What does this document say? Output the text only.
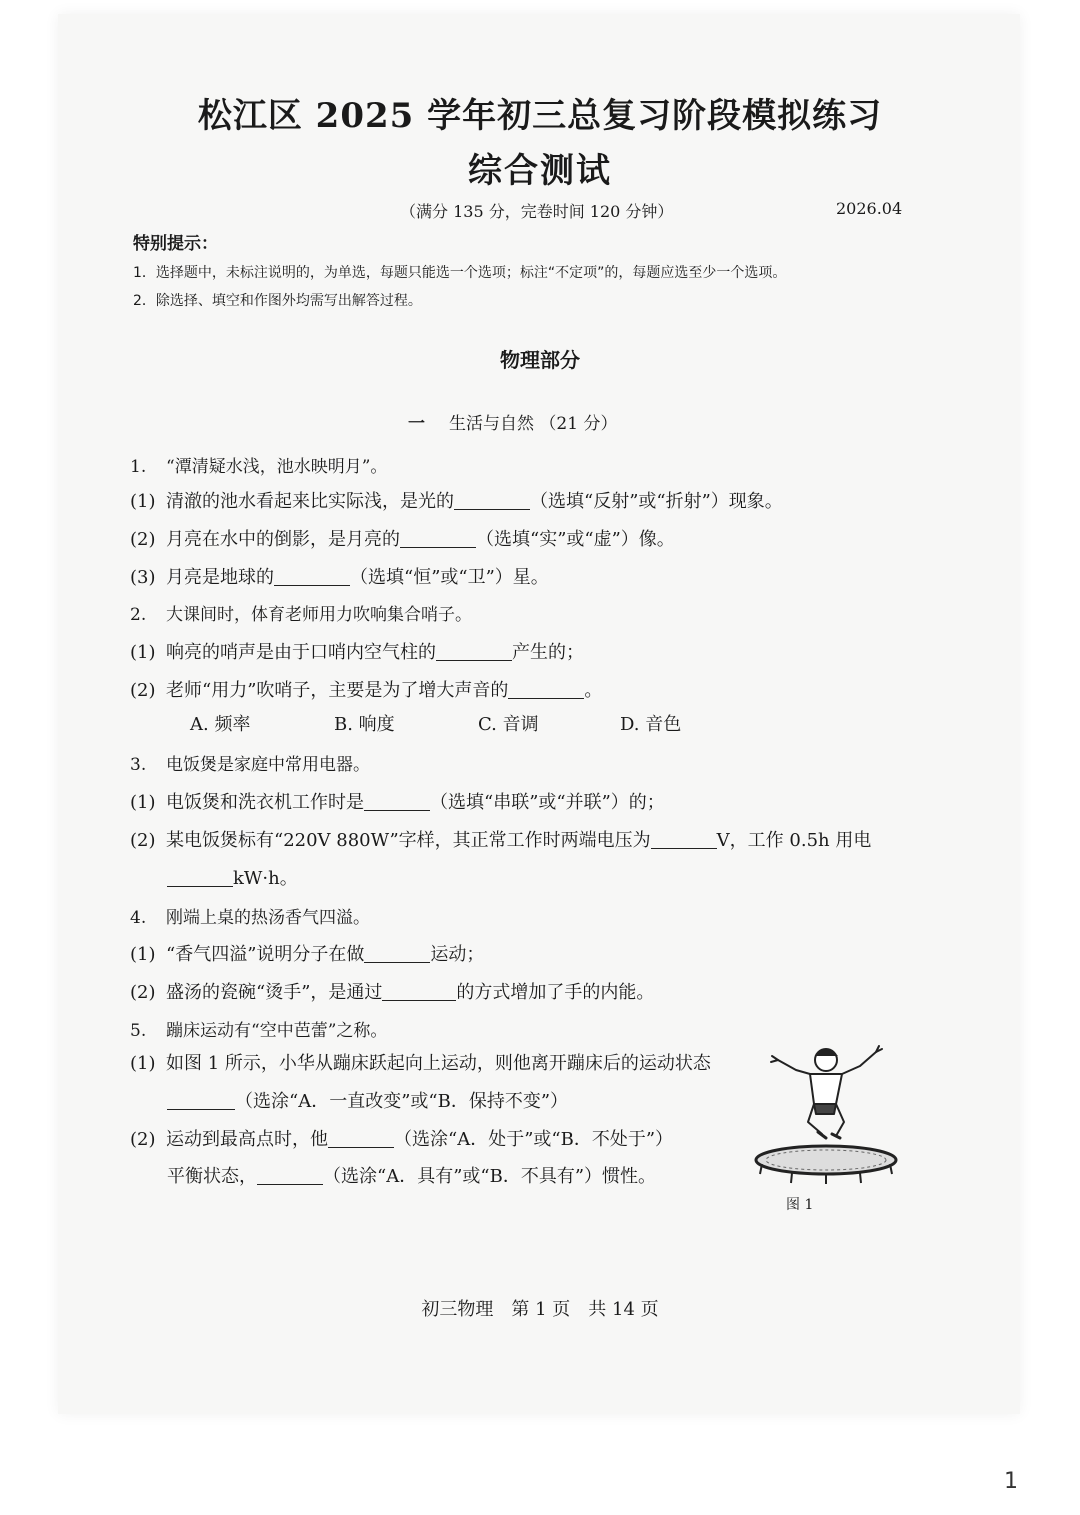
松江区 2025 学年初三总复习阶段模拟练习
综合测试
（满分 135 分，完卷时间 120 分钟）	2026.04
特别提示：
1．选择题中，未标注说明的，为单选，每题只能选一个选项；标注“不定项”的，每题应选至少一个选项。
2．除选择、填空和作图外均需写出解答过程。
物理部分
一 生活与自然 （21 分）
1. “潭清疑水浅，池水映明月”。
(1) 清澈的池水看起来比实际浅，是光的	（选填“反射”或“折射”）现象。
(2) 月亮在水中的倒影，是月亮的	（选填“实”或“虚”）像。
(3) 月亮是地球的	（选填“恒”或“卫”）星。
2. 大课间时，体育老师用力吹响集合哨子。
(1) 响亮的哨声是由于口哨内空气柱的	产生的；
(2) 老师“用力”吹哨子，主要是为了增大声音的	。
A. 频率	B. 响度	C. 音调	D. 音色
3. 电饭煲是家庭中常用电器。
(1) 电饭煲和洗衣机工作时是	（选填“串联”或“并联”）的；
(2) 某电饭煲标有“220V 880W”字样，其正常工作时两端电压为	V，工作 0.5h 用电
kW·h。
4. 刚端上桌的热汤香气四溢。
(1) “香气四溢”说明分子在做	运动；
(2) 盛汤的瓷碗“烫手”，是通过	的方式增加了手的内能。
5. 蹦床运动有“空中芭蕾”之称。
(1) 如图 1 所示，小华从蹦床跃起向上运动，则他离开蹦床后的运动状态
（选涂“A．一直改变”或“B．保持不变”）
(2) 运动到最高点时，他	（选涂“A．处于”或“B．不处于”）
平衡状态，	（选涂“A．具有”或“B．不具有”）惯性。
图 1
初三物理　第 1 页　共 14 页
1
